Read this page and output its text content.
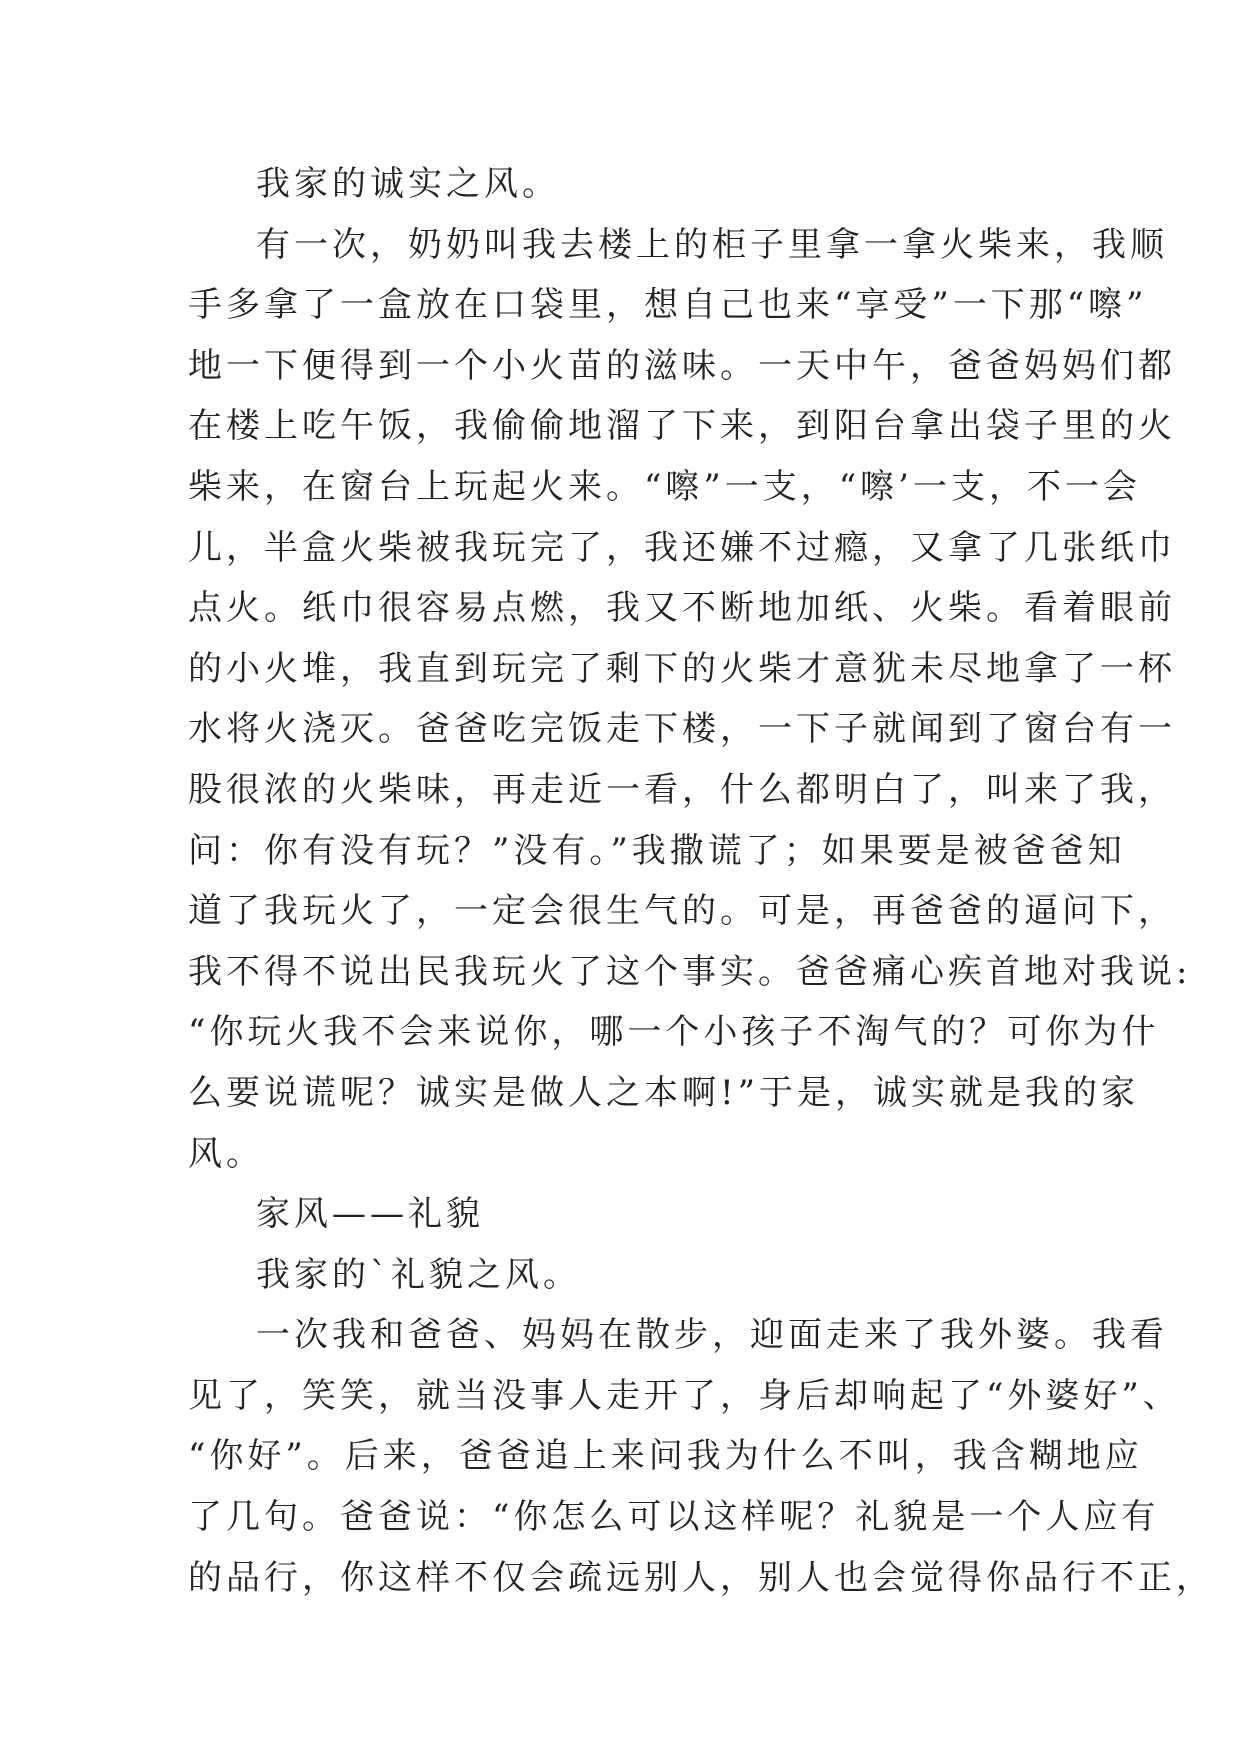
我家的诚实之风。
有一次，奶奶叫我去楼上的柜子里拿一拿火柴来，我顺
手多拿了一盒放在口袋里，想自己也来“享受”一下那“嚓”
地一下便得到一个小火苗的滋味。一天中午，爸爸妈妈们都
在楼上吃午饭，我偷偷地溜了下来，到阳台拿出袋子里的火
柴来，在窗台上玩起火来。“嚓”一支，“嚓’一支，不一会
儿，半盒火柴被我玩完了，我还嫌不过瘾，又拿了几张纸巾
点火。纸巾很容易点燃，我又不断地加纸、火柴。看着眼前
的小火堆，我直到玩完了剩下的火柴才意犹未尽地拿了一杯
水将火浇灭。爸爸吃完饭走下楼，一下子就闻到了窗台有一
股很浓的火柴味，再走近一看，什么都明白了，叫来了我，
问：你有没有玩？”没有。”我撒谎了；如果要是被爸爸知
道了我玩火了，一定会很生气的。可是，再爸爸的逼问下，
我不得不说出民我玩火了这个事实。爸爸痛心疾首地对我说:
“你玩火我不会来说你，哪一个小孩子不淘气的？可你为什
么要说谎呢？诚实是做人之本啊!”于是，诚实就是我的家
风。
家风——礼貌
我家的`礼貌之风。
一次我和爸爸、妈妈在散步，迎面走来了我外婆。我看
见了，笑笑，就当没事人走开了，身后却响起了“外婆好”、
“你好”。后来，爸爸追上来问我为什么不叫，我含糊地应
了几句。爸爸说：“你怎么可以这样呢？礼貌是一个人应有
的品行，你这样不仅会疏远别人，别人也会觉得你品行不正，
